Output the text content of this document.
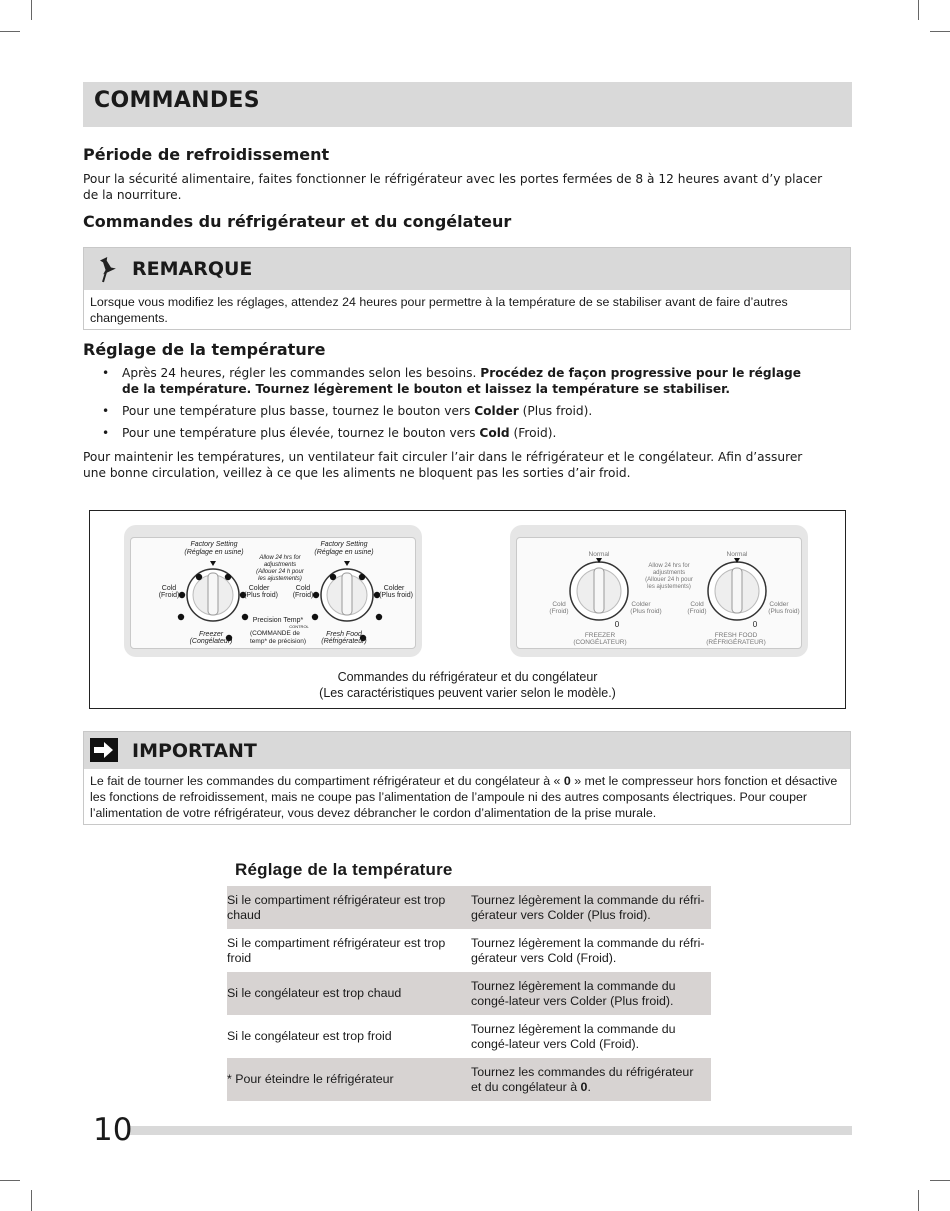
COMMANDES
Période de refroidissement

Pour la sécurité alimentaire, faites fonctionner le réfrigérateur avec les portes fermées de 8 à 12 heures avant d’y placer de la nourriture.

Commandes du réfrigérateur et du congélateur
REMARQUE
Lorsque vous modifiez les réglages, attendez 24 heures pour permettre à la température de se stabiliser avant de faire d’autres changements.
Réglage de la température
• Après 24 heures, régler les commandes selon les besoins. Procédez de façon progressive pour le réglage de la température. Tournez légèrement le bouton et laissez la température se stabiliser.
• Pour une température plus basse, tournez le bouton vers Colder (Plus froid).
• Pour une température plus élevée, tournez le bouton vers Cold (Froid).

Pour maintenir les températures, un ventilateur fait circuler l’air dans le réfrigérateur et le congélateur. Afin d’assurer une bonne circulation, veillez à ce que les aliments ne bloquent pas les sorties d’air froid.

Factory Setting
(Réglage en usine)
Factory Setting
(Réglage en usine)
Allow 24 hrs for adjustments
(Allouer 24 h pour les ajustements)
Cold
(Froid)
Colder
(Plus froid)
Cold
(Froid)
Colder
(Plus froid)
Freezer
(Congélateur)
Fresh Food
(Réfrigérateur)
Precision Temp*
CONTROL
(COMMANDE de temp* de précision)
Normal	Normal
Allow 24 hrs for adjustments
(Allouer 24 h pour les ajustements)
Cold
(Froid)
Colder
(Plus froid)
Cold
(Froid)
Colder
(Plus froid)
0	0
FREEZER
(CONGÉLATEUR)
FRESH FOOD
(RÉFRIGÉRATEUR)
Commandes du réfrigérateur et du congélateur
(Les caractéristiques peuvent varier selon le modèle.)
IMPORTANT
Le fait de tourner les commandes du compartiment réfrigérateur et du congélateur à « 0 » met le compresseur hors fonction et désactive les fonctions de refroidissement, mais ne coupe pas l’alimentation de l’ampoule ni des autres composants électriques. Pour couper l’alimentation de votre réfrigérateur, vous devez débrancher le cordon d’alimentation de la prise murale.
Réglage de la température
Si le compartiment réfrigérateur est trop chaud	Tournez légèrement la commande du réfri-gérateur vers Colder (Plus froid).
Si le compartiment réfrigérateur est trop froid	Tournez légèrement la commande du réfri-gérateur vers Cold (Froid).
Si le congélateur est trop chaud	Tournez légèrement la commande du congé-lateur vers Colder (Plus froid).
Si le congélateur est trop froid	Tournez légèrement la commande du congé-lateur vers Cold (Froid).
* Pour éteindre le réfrigérateur	Tournez les commandes du réfrigérateur et du congélateur à 0.
10
